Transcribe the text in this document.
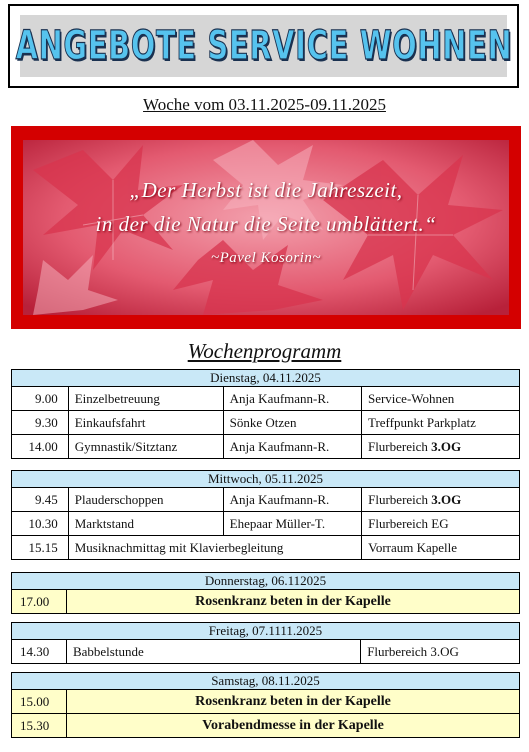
ANGEBOTE SERVICE WOHNEN
Woche vom 03.11.2025-09.11.2025
„Der Herbst ist die Jahreszeit,
in der die Natur die Seite umblättert.“
~Pavel Kosorin~
Wochenprogramm
Dienstag, 04.11.2025			
9.00	Einzelbetreuung	Anja Kaufmann-R.	Service-Wohnen
9.30	Einkaufsfahrt	Sönke Otzen	Treffpunkt Parkplatz
14.00	Gymnastik/Sitztanz	Anja Kaufmann-R.	Flurbereich 3.OG
Mittwoch, 05.11.2025			
9.45	Plauderschoppen	Anja Kaufmann-R.	Flurbereich 3.OG
10.30	Marktstand	Ehepaar Müller-T.	Flurbereich EG
15.15	Musiknachmittag mit Klavierbegleitung		Vorraum Kapelle
Donnerstag, 06.112025
17.00	Rosenkranz beten in der Kapelle
Freitag, 07.1111.2025
14.30	Babbelstunde	Flurbereich 3.OG
Samstag, 08.11.2025	
15.00	Rosenkranz beten in der Kapelle
15.30	Vorabendmesse in der Kapelle
